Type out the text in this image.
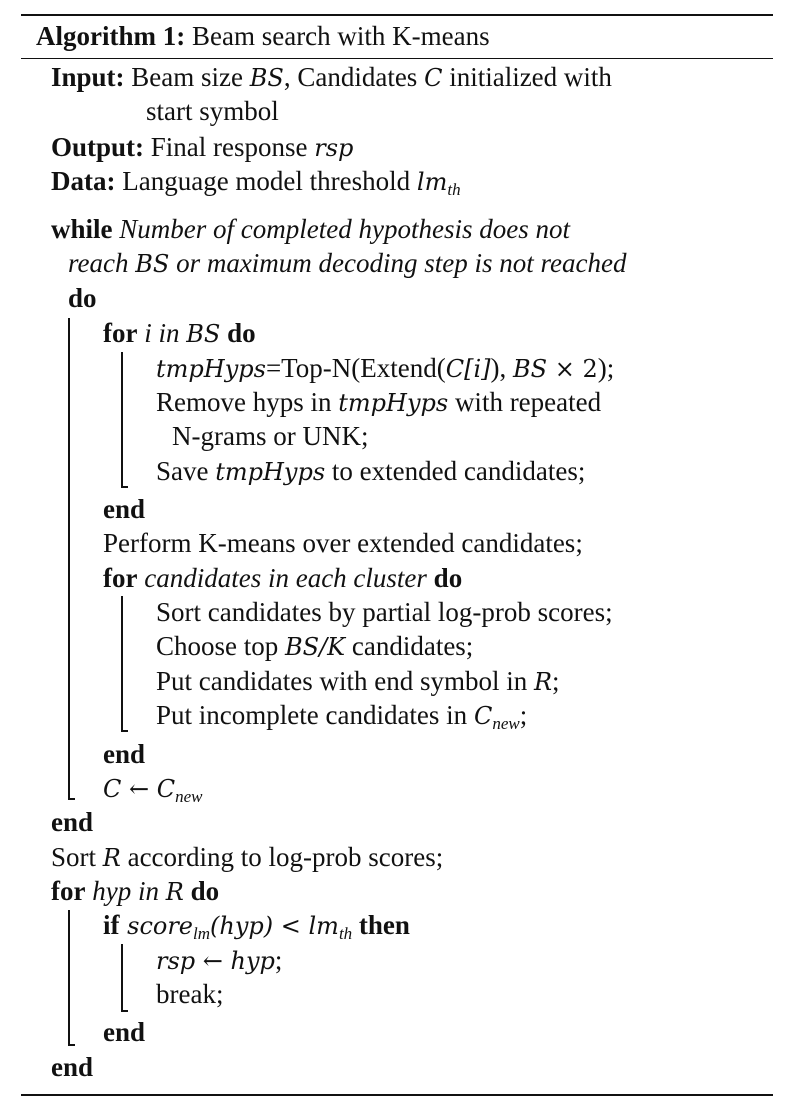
Algorithm 1: Beam search with K-means
Input: Beam size BS, Candidates C initialized with
start symbol
Output: Final response rsp
Data: Language model threshold $lm_{th}$
while Number of completed hypothesis does not
reach BS or maximum decoding step is not reached
do
for i in BS do
tmpHyps=Top-N(Extend(C[i]), BS × 2);
Remove hyps in tmpHyps with repeated
N-grams or UNK;
Save tmpHyps to extended candidates;
end
Perform K-means over extended candidates;
for candidates in each cluster do
Sort candidates by partial log-prob scores;
Choose top BS/K candidates;
Put candidates with end symbol in R;
Put incomplete candidates in $C_{new}$;
end
C ← $C_{new}$
end
Sort R according to log-prob scores;
for hyp in R do
if score$_{lm}$(hyp) < $lm_{th}$ then
rsp ← hyp;
break;
end
end
